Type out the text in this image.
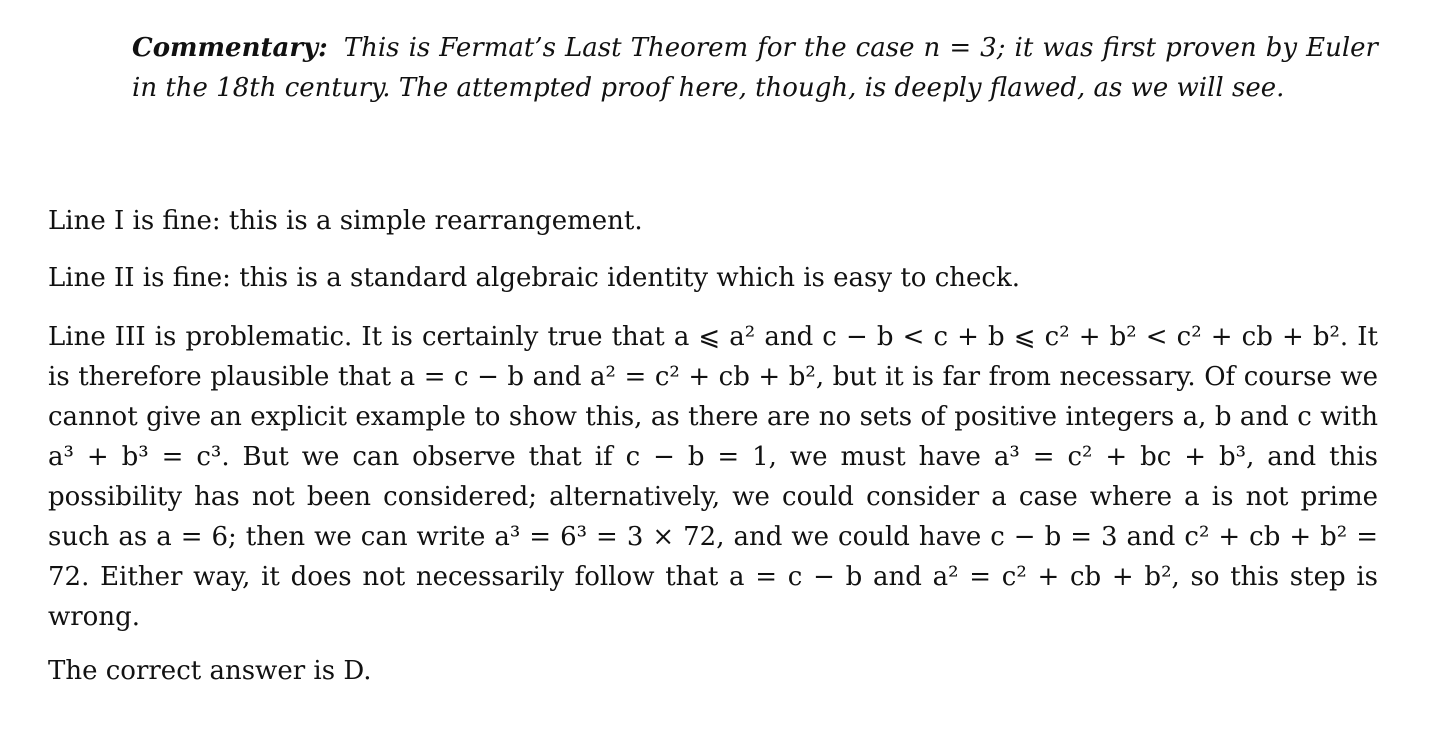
Commentary: This is Fermat’s Last Theorem for the case n = 3; it was first proven by Euler in the 18th century. The attempted proof here, though, is deeply flawed, as we will see.
Line I is fine: this is a simple rearrangement.
Line II is fine: this is a standard algebraic identity which is easy to check.
Line III is problematic. It is certainly true that a ⩽ a² and c − b < c + b ⩽ c² + b² < c² + cb + b². It is therefore plausible that a = c − b and a² = c² + cb + b², but it is far from necessary. Of course we cannot give an explicit example to show this, as there are no sets of positive integers a, b and c with a³ + b³ = c³. But we can observe that if c − b = 1, we must have a³ = c² + bc + b³, and this possibility has not been considered; alternatively, we could consider a case where a is not prime such as a = 6; then we can write a³ = 6³ = 3 × 72, and we could have c − b = 3 and c² + cb + b² = 72. Either way, it does not necessarily follow that a = c − b and a² = c² + cb + b², so this step is wrong.
The correct answer is D.
